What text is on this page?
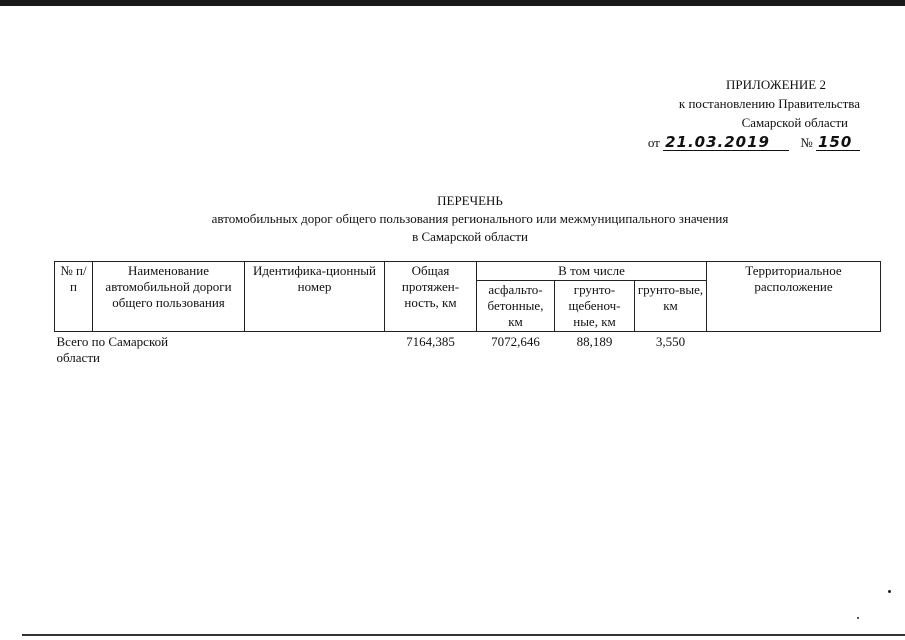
ПРИЛОЖЕНИЕ 2
к постановлению Правительства
Самарской области
от 21.03.2019 № 150
ПЕРЕЧЕНЬ
автомобильных дорог общего пользования регионального или межмуниципального значения
в Самарской области
№ п/п	Наименование автомобильной дороги общего пользования	Идентифика-ционный номер	Общая протяжен-ность, км	В том числе			Территориальное расположение
				асфальто-бетонные, км	грунто-щебеноч-ные, км	грунто-вые, км	
Всего по Самарской области			7164,385	7072,646	88,189	3,550	
